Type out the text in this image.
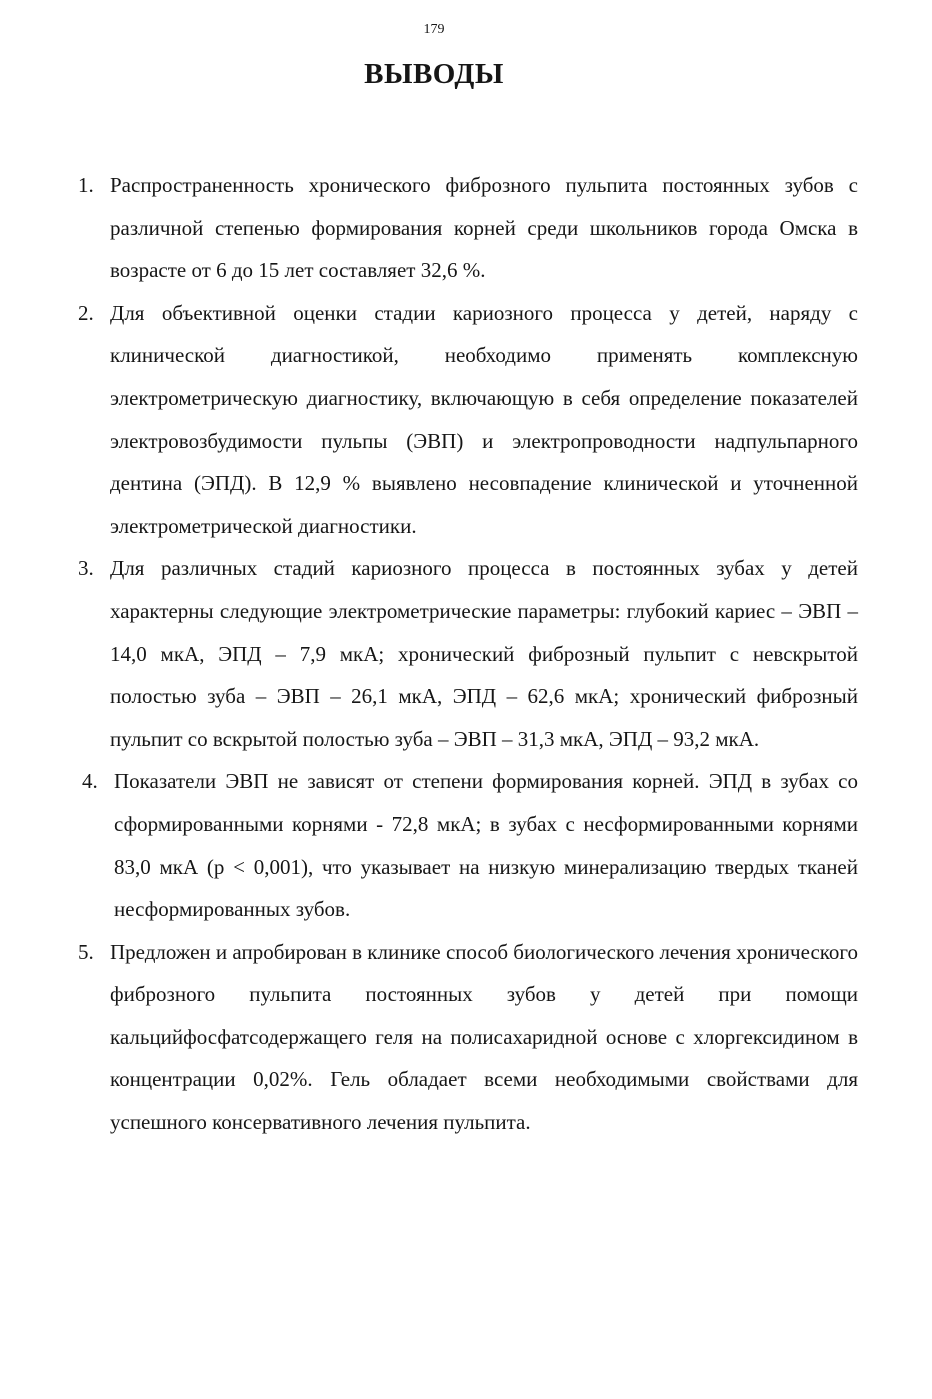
179
ВЫВОДЫ
1. Распространенность хронического фиброзного пульпита постоянных зубов с различной степенью формирования корней среди школьников города Омска в возрасте от 6 до 15 лет составляет 32,6 %.
2. Для объективной оценки стадии кариозного процесса у детей, наряду с клинической диагностикой, необходимо применять комплексную электрометрическую диагностику, включающую в себя определение показателей электровозбудимости пульпы (ЭВП) и электропроводности надпульпарного дентина (ЭПД). В 12,9 % выявлено несовпадение клинической и уточненной электрометрической диагностики.
3. Для различных стадий кариозного процесса в постоянных зубах у детей характерны следующие электрометрические параметры: глубокий кариес – ЭВП – 14,0 мкА, ЭПД – 7,9 мкА; хронический фиброзный пульпит с невскрытой полостью зуба – ЭВП – 26,1 мкА, ЭПД – 62,6 мкА; хронический фиброзный пульпит со вскрытой полостью зуба – ЭВП – 31,3 мкА, ЭПД – 93,2 мкА.
4. Показатели ЭВП не зависят от степени формирования корней. ЭПД в зубах со сформированными корнями - 72,8 мкА; в зубах с несформированными корнями 83,0 мкА (р < 0,001), что указывает на низкую минерализацию твердых тканей несформированных зубов.
5. Предложен и апробирован в клинике способ биологического лечения хронического фиброзного пульпита постоянных зубов у детей при помощи кальцийфосфатсодержащего геля на полисахаридной основе с хлоргексидином в концентрации 0,02%. Гель обладает всеми необходимыми свойствами для успешного консервативного лечения пульпита.
